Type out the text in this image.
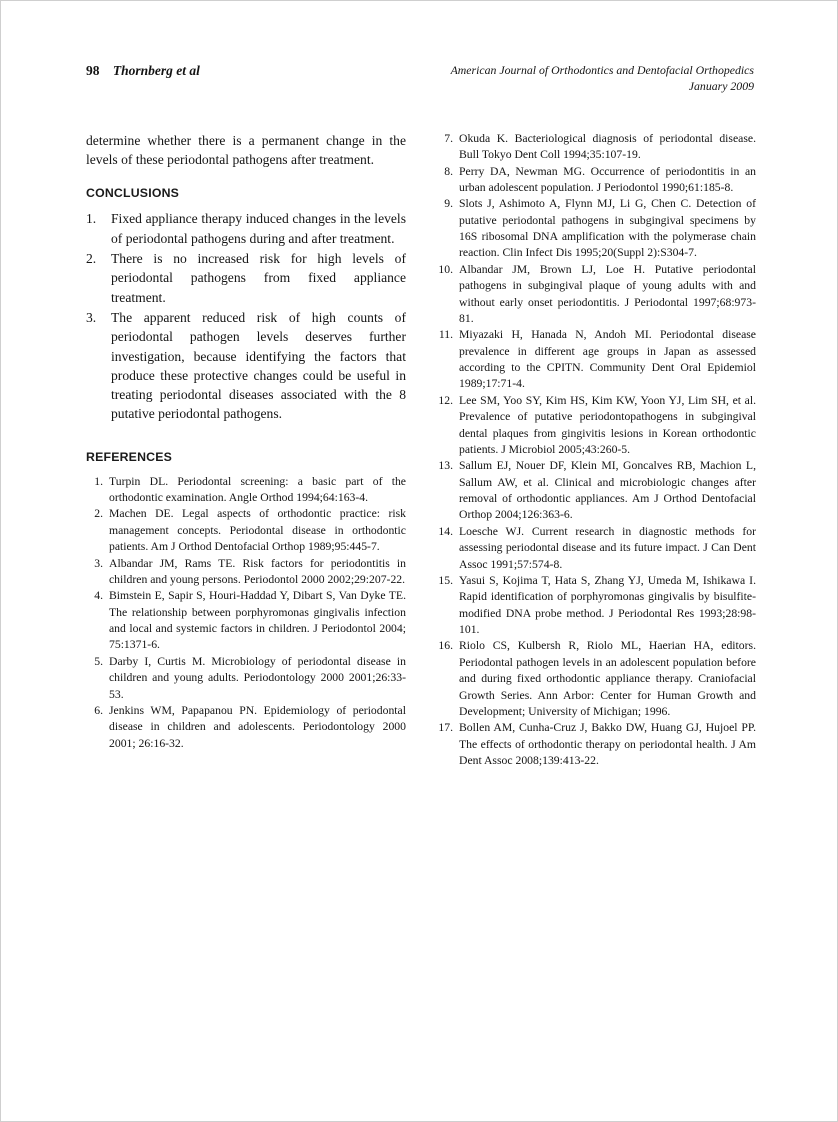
98 Thornberg et al	American Journal of Orthodontics and Dentofacial Orthopedics
January 2009

determine whether there is a permanent change in the levels of these periodontal pathogens after treatment.

CONCLUSIONS
1.	Fixed appliance therapy induced changes in the levels of periodontal pathogens during and after treatment.
2.	There is no increased risk for high levels of periodontal pathogens from fixed appliance treatment.
3.	The apparent reduced risk of high counts of periodontal pathogen levels deserves further investigation, because identifying the factors that produce these protective changes could be useful in treating periodontal diseases associated with the 8 putative periodontal pathogens.
REFERENCES
1. Turpin DL. Periodontal screening: a basic part of the orthodontic examination. Angle Orthod 1994;64:163-4.
2. Machen DE. Legal aspects of orthodontic practice: risk management concepts. Periodontal disease in orthodontic patients. Am J Orthod Dentofacial Orthop 1989;95:445-7.
3. Albandar JM, Rams TE. Risk factors for periodontitis in children and young persons. Periodontol 2000 2002;29:207-22.
4. Bimstein E, Sapir S, Houri-Haddad Y, Dibart S, Van Dyke TE. The relationship between porphyromonas gingivalis infection and local and systemic factors in children. J Periodontol 2004; 75:1371-6.
5. Darby I, Curtis M. Microbiology of periodontal disease in children and young adults. Periodontology 2000 2001;26:33-53.
6. Jenkins WM, Papapanou PN. Epidemiology of periodontal disease in children and adolescents. Periodontology 2000 2001; 26:16-32.
7. Okuda K. Bacteriological diagnosis of periodontal disease. Bull Tokyo Dent Coll 1994;35:107-19.
8. Perry DA, Newman MG. Occurrence of periodontitis in an urban adolescent population. J Periodontol 1990;61:185-8.
9. Slots J, Ashimoto A, Flynn MJ, Li G, Chen C. Detection of putative periodontal pathogens in subgingival specimens by 16S ribosomal DNA amplification with the polymerase chain reaction. Clin Infect Dis 1995;20(Suppl 2):S304-7.
10. Albandar JM, Brown LJ, Loe H. Putative periodontal pathogens in subgingival plaque of young adults with and without early onset periodontitis. J Periodontal 1997;68:973-81.
11. Miyazaki H, Hanada N, Andoh MI. Periodontal disease prevalence in different age groups in Japan as assessed according to the CPITN. Community Dent Oral Epidemiol 1989;17:71-4.
12. Lee SM, Yoo SY, Kim HS, Kim KW, Yoon YJ, Lim SH, et al. Prevalence of putative periodontopathogens in subgingival dental plaques from gingivitis lesions in Korean orthodontic patients. J Microbiol 2005;43:260-5.
13. Sallum EJ, Nouer DF, Klein MI, Goncalves RB, Machion L, Sallum AW, et al. Clinical and microbiologic changes after removal of orthodontic appliances. Am J Orthod Dentofacial Orthop 2004;126:363-6.
14. Loesche WJ. Current research in diagnostic methods for assessing periodontal disease and its future impact. J Can Dent Assoc 1991;57:574-8.
15. Yasui S, Kojima T, Hata S, Zhang YJ, Umeda M, Ishikawa I. Rapid identification of porphyromonas gingivalis by bisulfite-modified DNA probe method. J Periodontal Res 1993;28:98-101.
16. Riolo CS, Kulbersh R, Riolo ML, Haerian HA, editors. Periodontal pathogen levels in an adolescent population before and during fixed orthodontic appliance therapy. Craniofacial Growth Series. Ann Arbor: Center for Human Growth and Development; University of Michigan; 1996.
17. Bollen AM, Cunha-Cruz J, Bakko DW, Huang GJ, Hujoel PP. The effects of orthodontic therapy on periodontal health. J Am Dent Assoc 2008;139:413-22.
